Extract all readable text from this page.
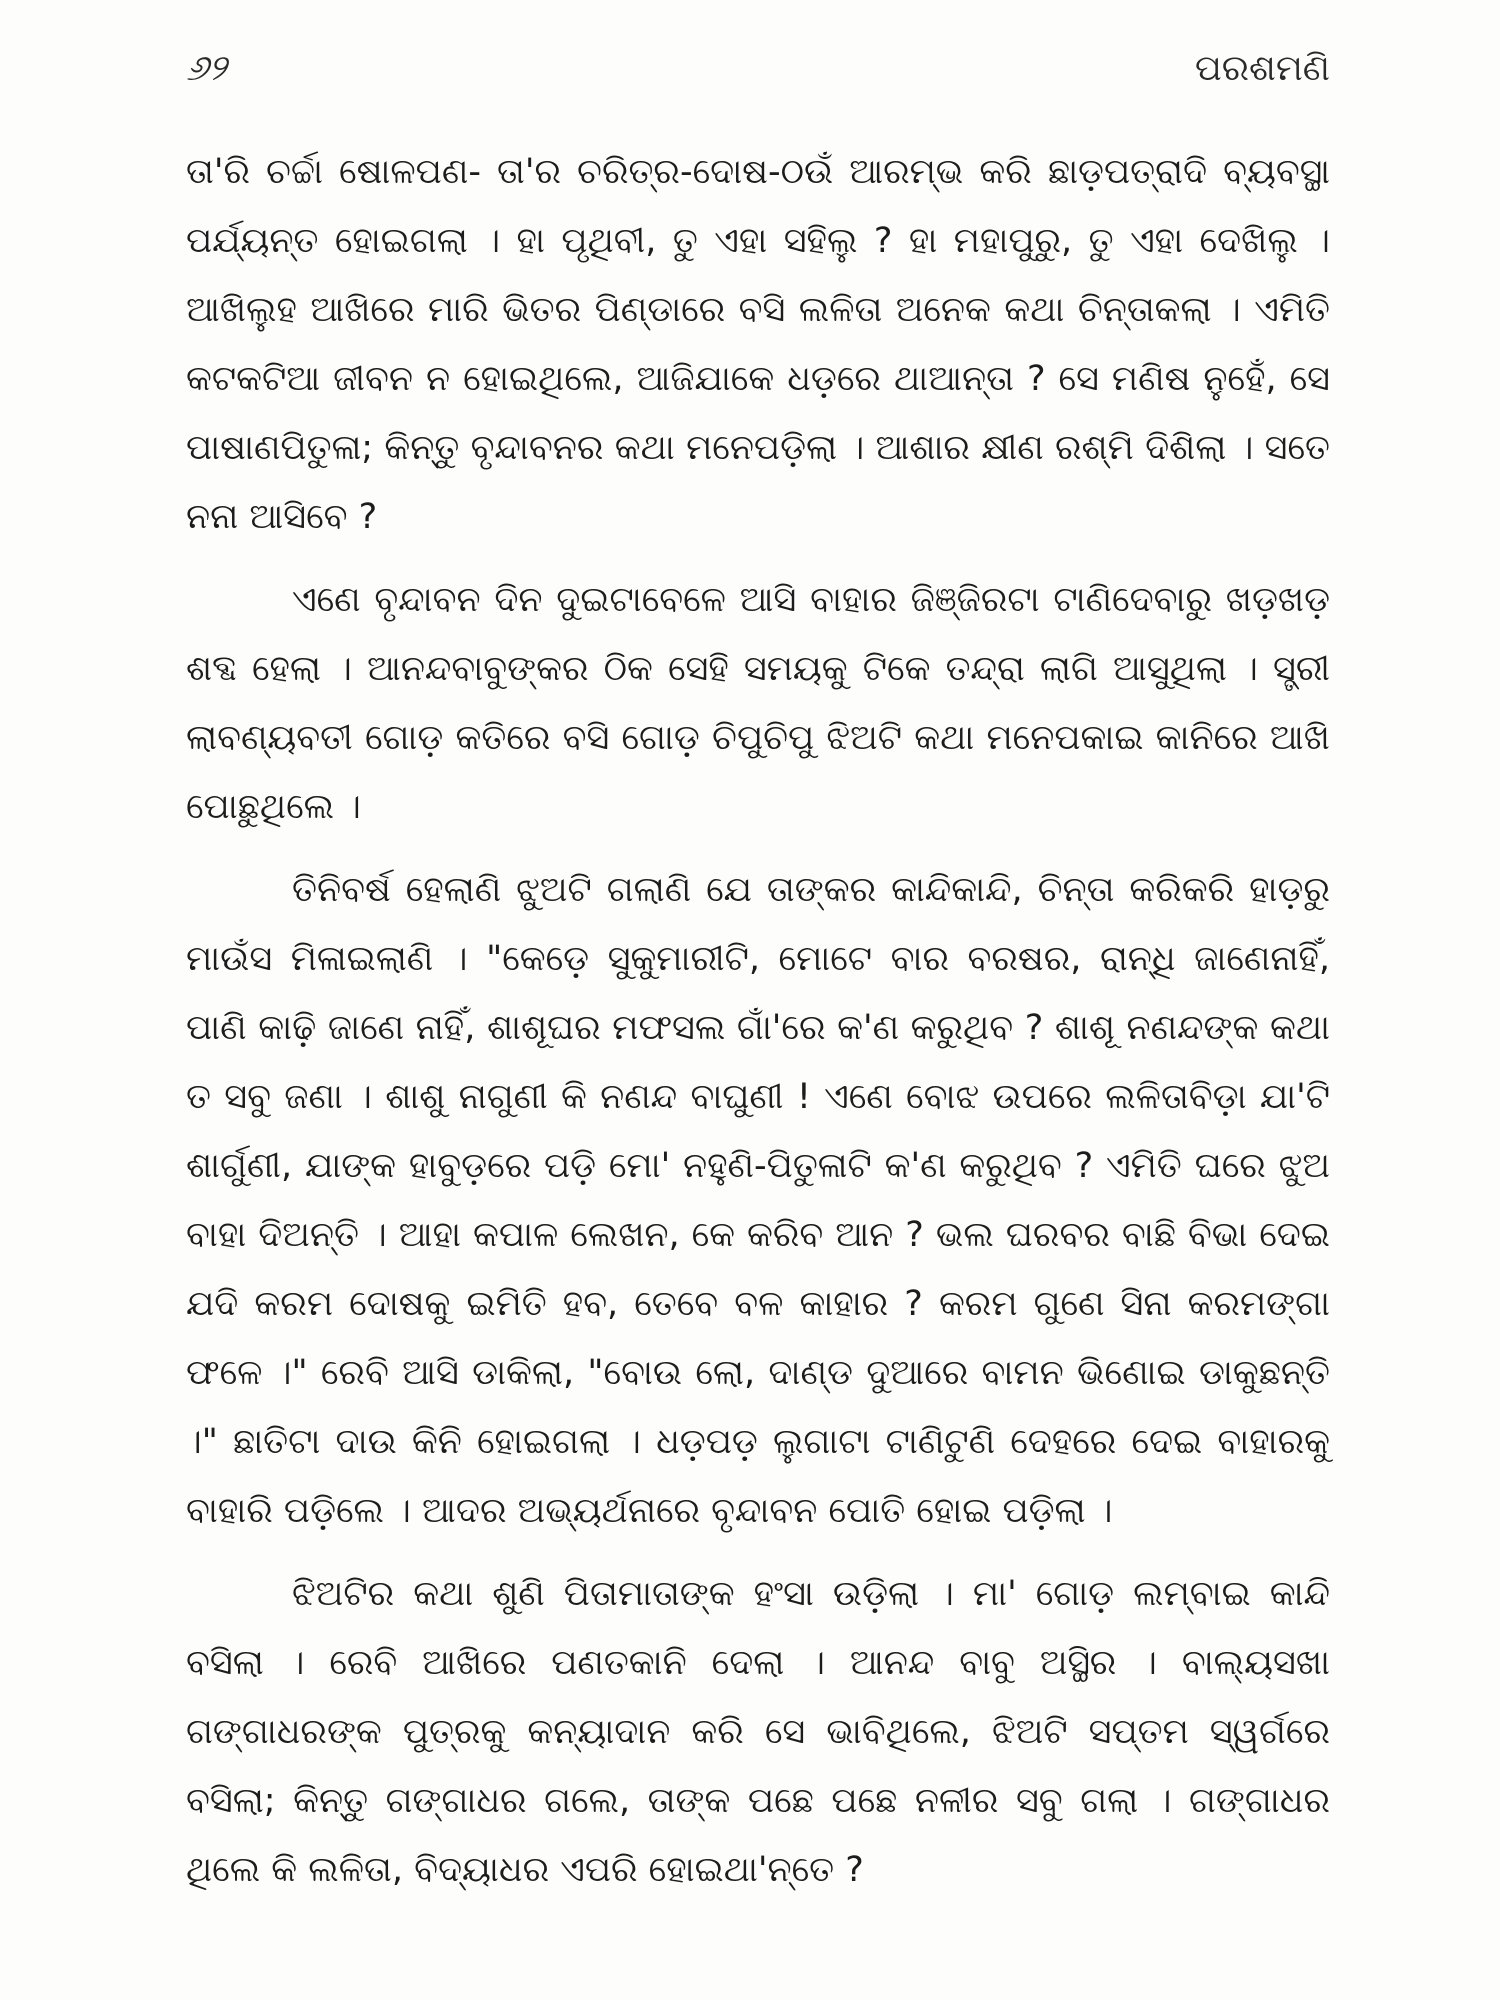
୬୨	ପରଶମଣି

ତା'ରି ଚର୍ଚ୍ଚା ଷୋଳପଣ- ତା'ର ଚରିତ୍ର-ଦୋଷ-ଠଉଁ ଆରମ୍ଭ କରି ଛାଡ଼ପତ୍ରାଦି ବ୍ୟବସ୍ଥା ପର୍ଯ୍ୟନ୍ତ ହୋଇଗଲା । ହା ପୃଥିବୀ, ତୁ ଏହା ସହିଲୁ ? ହା ମହାପୁରୁ, ତୁ ଏହା ଦେଖିଲୁ । ଆଖିଲୁହ ଆଖିରେ ମାରି ଭିତର ପିଣ୍ଡାରେ ବସି ଲଳିତା ଅନେକ କଥା ଚିନ୍ତାକଲା । ଏମିତି କଟକଟିଆ ଜୀବନ ନ ହୋଇଥିଲେ, ଆଜିଯାକେ ଧଡ଼ରେ ଥାଆନ୍ତା ? ସେ ମଣିଷ ନୁହେଁ, ସେ ପାଷାଣପିତୁଳା; କିନ୍ତୁ ବୃନ୍ଦାବନର କଥା ମନେପଡ଼ିଲା । ଆଶାର କ୍ଷୀଣ ରଶ୍ମି ଦିଶିଲା । ସତେ ନନା ଆସିବେ ?

ଏଣେ ବୃନ୍ଦାବନ ଦିନ ଦୁଇଟାବେଳେ ଆସି ବାହାର ଜିଞ୍ଜିରଟା ଟାଣିଦେବାରୁ ଖଡ଼ଖଡ଼ ଶବ୍ଦ ହେଲା । ଆନନ୍ଦବାବୁଙ୍କର ଠିକ ସେହି ସମୟକୁ ଟିକେ ତନ୍ଦ୍ରା ଲାଗି ଆସୁଥିଲା । ସ୍ତ୍ରୀ ଲାବଣ୍ୟବତୀ ଗୋଡ଼ କତିରେ ବସି ଗୋଡ଼ ଚିପୁଚିପୁ ଝିଅଟି କଥା ମନେପକାଇ କାନିରେ ଆଖି ପୋଛୁଥିଲେ ।

ତିନିବର୍ଷ ହେଲାଣି ଝୁଅଟି ଗଲାଣି ଯେ ତାଙ୍କର କାନ୍ଦିକାନ୍ଦି, ଚିନ୍ତା କରିକରି ହାଡ଼ରୁ ମାଉଁସ ମିଳାଇଲାଣି । "କେଡ଼େ ସୁକୁମାରୀଟି, ମୋଟେ ବାର ବରଷର, ରାନ୍ଧି ଜାଣେନାହିଁ, ପାଣି କାଢ଼ି ଜାଣେ ନାହିଁ, ଶାଶୂଘର ମଫସଲ ଗାଁ'ରେ କ'ଣ କରୁଥିବ ? ଶାଶୂ ନଣନ୍ଦଙ୍କ କଥା ତ ସବୁ ଜଣା । ଶାଶୁ ନାଗୁଣୀ କି ନଣନ୍ଦ ବାଘୁଣୀ ! ଏଣେ ବୋଝ ଉପରେ ଲଳିତାବିଡ଼ା ଯା'ଟି ଶାର୍ଗୁଣୀ, ଯାଙ୍କ ହାବୁଡ଼ରେ ପଡ଼ି ମୋ' ନହୁଣି-ପିତୁଳାଟି କ'ଣ କରୁଥିବ ? ଏମିତି ଘରେ ଝୁଅ ବାହା ଦିଅନ୍ତି । ଆହା କପାଳ ଲେଖନ, କେ କରିବ ଆନ ? ଭଲ ଘରବର ବାଛି ବିଭା ଦେଇ ଯଦି କରମ ଦୋଷକୁ ଇମିତି ହବ, ତେବେ ବଳ କାହାର ? କରମ ଗୁଣେ ସିନା କରମଙ୍ଗା ଫଳେ ।" ରେବି ଆସି ଡାକିଲା, "ବୋଉ ଲୋ, ଦାଣ୍ଡ ଦୁଆରେ ବାମନ ଭିଣୋଇ ଡାକୁଛନ୍ତି ।" ଛାତିଟା ଦାଉ କିନି ହୋଇଗଲା । ଧଡ଼ପଡ଼ ଲୁଗାଟା ଟାଣିଟୁଣି ଦେହରେ ଦେଇ ବାହାରକୁ ବାହାରି ପଡ଼ିଲେ । ଆଦର ଅଭ୍ୟର୍ଥନାରେ ବୃନ୍ଦାବନ ପୋତି ହୋଇ ପଡ଼ିଲା ।

ଝିଅଟିର କଥା ଶୁଣି ପିତାମାତାଙ୍କ ହଂସା ଉଡ଼ିଲା । ମା' ଗୋଡ଼ ଲମ୍ବାଇ କାନ୍ଦି ବସିଲା । ରେବି ଆଖିରେ ପଣତକାନି ଦେଲା । ଆନନ୍ଦ ବାବୁ ଅସ୍ଥିର । ବାଲ୍ୟସଖା ଗଙ୍ଗାଧରଙ୍କ ପୁତ୍ରକୁ କନ୍ୟାଦାନ କରି ସେ ଭାବିଥିଲେ, ଝିଅଟି ସପ୍ତମ ସ୍ୱର୍ଗରେ ବସିଲା; କିନ୍ତୁ ଗଙ୍ଗାଧର ଗଲେ, ତାଙ୍କ ପଛେ ପଛେ ନଳୀର ସବୁ ଗଲା । ଗଙ୍ଗାଧର ଥିଲେ କି ଲଳିତା, ବିଦ୍ୟାଧର ଏପରି ହୋଇଥା'ନ୍ତେ ?
